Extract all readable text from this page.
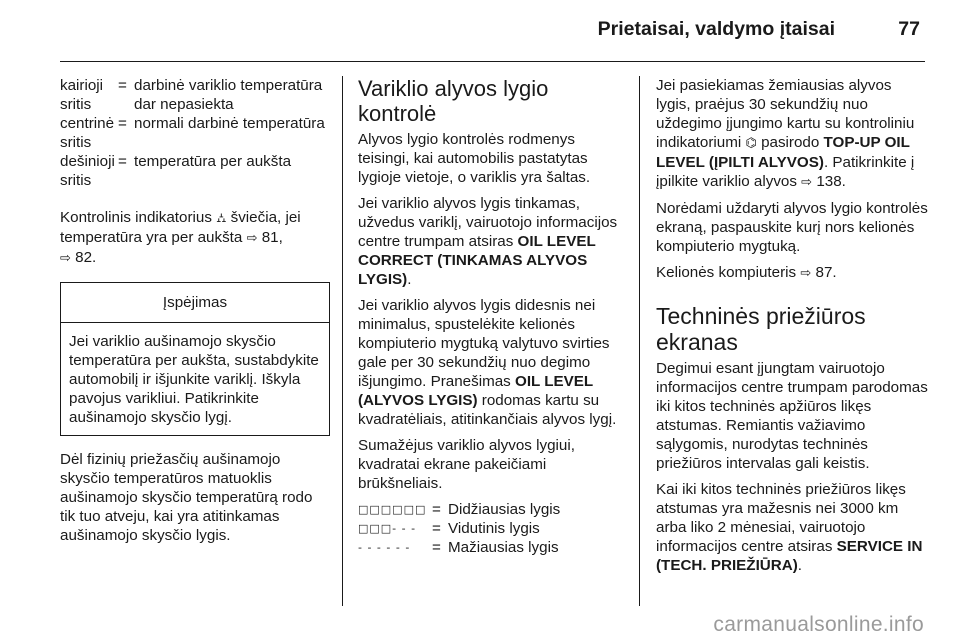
Prietaisai, valdymo įtaisai	77
kairioji sritis
= darbinė variklio temperatūra dar nepasiekta
centrinė sritis
= normali darbinė temperatūra
dešinioji sritis
= temperatūra per aukšta

Kontrolinis indikatorius ⛼ šviečia, jei temperatūra yra per aukšta ⇨ 81,
⇨ 82.

Įspėjimas
Jei variklio aušinamojo skysčio temperatūra per aukšta, sustabdykite automobilį ir išjunkite variklį. Iškyla pavojus varikliui. Patikrinkite aušinamojo skysčio lygį.

Dėl fizinių priežasčių aušinamojo skysčio temperatūros matuoklis aušinamojo skysčio temperatūrą rodo tik tuo atveju, kai yra atitinkamas aušinamojo skysčio lygis.

Variklio alyvos lygio kontrolė

Alyvos lygio kontrolės rodmenys teisingi, kai automobilis pastatytas lygioje vietoje, o variklis yra šaltas.

Jei variklio alyvos lygis tinkamas, užvedus variklį, vairuotojo informacijos centre trumpam atsiras OIL LEVEL CORRECT (TINKAMAS ALYVOS LYGIS).

Jei variklio alyvos lygis didesnis nei minimalus, spustelėkite kelionės kompiuterio mygtuką valytuvo svirties gale per 30 sekundžių nuo degimo išjungimo. Pranešimas OIL LEVEL (ALYVOS LYGIS) rodomas kartu su kvadratėliais, atitinkančiais alyvos lygį.

Sumažėjus variklio alyvos lygiui, kvadratai ekrane pakeičiami brūkšneliais.

□□□□□□ = Didžiausias lygis
□□□- - -	= Vidutinis lygis
- - - - - -	= Mažiausias lygis

Jei pasiekiamas žemiausias alyvos lygis, praėjus 30 sekundžių nuo uždegimo įjungimo kartu su kontroliniu indikatoriumi ⌬ pasirodo TOP-UP OIL LEVEL (ĮPILTI ALYVOS). Patikrinkite į įpilkite variklio alyvos ⇨ 138.

Norėdami uždaryti alyvos lygio kontrolės ekraną, paspauskite kurį nors kelionės kompiuterio mygtuką.

Kelionės kompiuteris ⇨ 87.

Techninės priežiūros ekranas

Degimui esant įjungtam vairuotojo informacijos centre trumpam parodomas iki kitos techninės apžiūros likęs atstumas. Remiantis važiavimo sąlygomis, nurodytas techninės priežiūros intervalas gali keistis.

Kai iki kitos techninės priežiūros likęs atstumas yra mažesnis nei 3000 km arba liko 2 mėnesiai, vairuotojo informacijos centre atsiras SERVICE IN (TECH. PRIEŽIŪRA).

carmanualsonline.info
